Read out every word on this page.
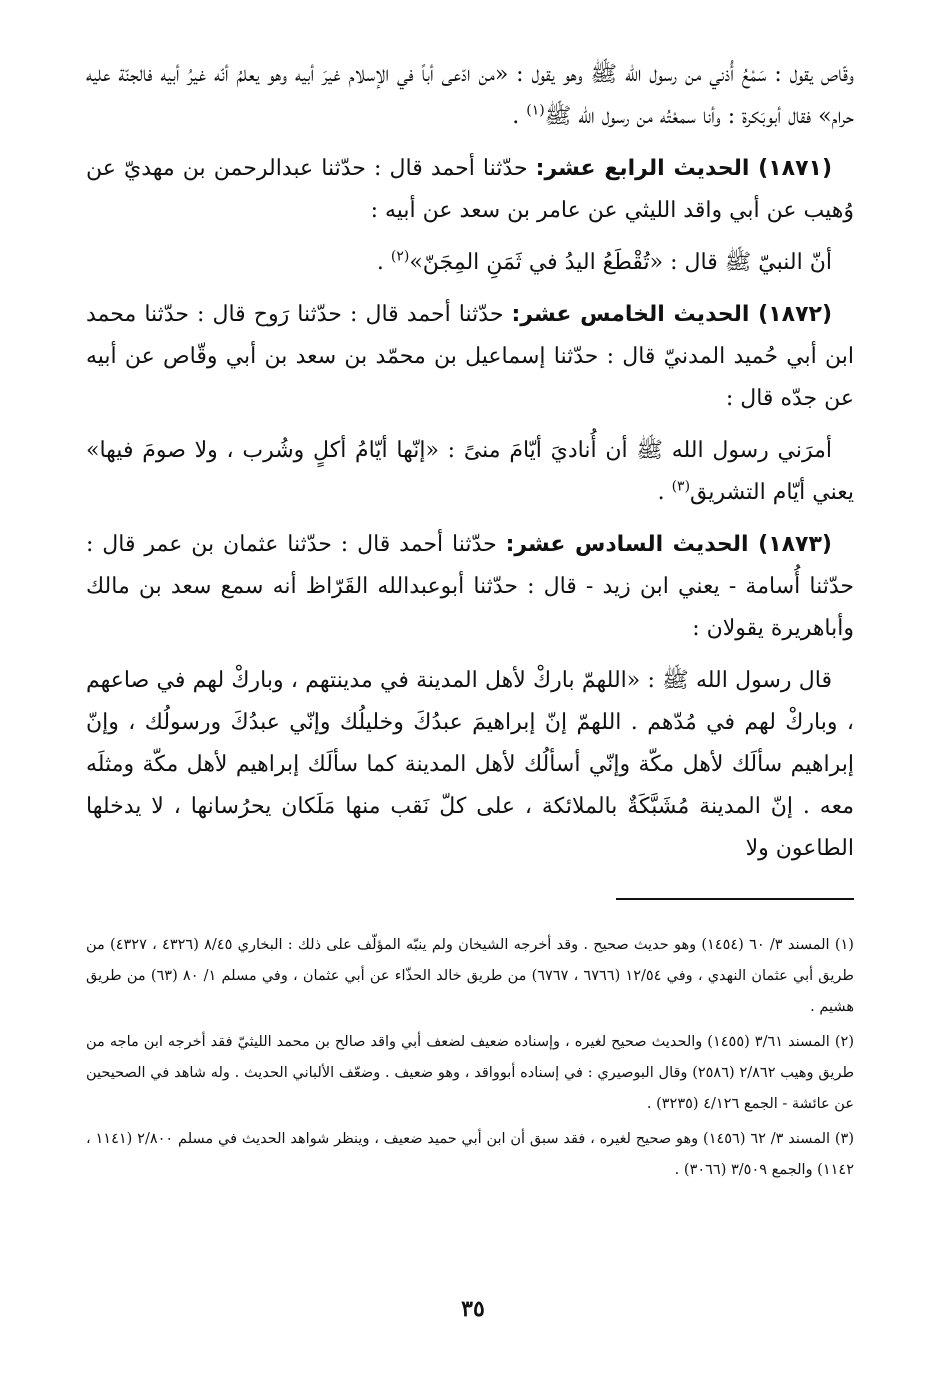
وقّاص يقول : سَمْعُ أُذني من رسول الله ﷺ وهو يقول : «من ادّعى أباً في الإسلام غيرَ أبيه وهو يعلمُ أنّه غيرُ أبيه فالجنّة عليه حرام» فقال أبوبَكرة : وأنا سمعْتُه من رسول الله ﷺ$^{(١)}$ .

(١٨٧١) الحديث الرابع عشر: حدّثنا أحمد قال : حدّثنا عبدالرحمن بن مهديّ عن وُهيب عن أبي واقد الليثي عن عامر بن سعد عن أبيه :

أنّ النبيّ ﷺ قال : «تُقْطَعُ اليدُ في ثَمَنِ المِجَنّ»$^{(٢)}$ .

(١٨٧٢) الحديث الخامس عشر: حدّثنا أحمد قال : حدّثنا رَوح قال : حدّثنا محمد ابن أبي حُميد المدنيّ قال : حدّثنا إسماعيل بن محمّد بن سعد بن أبي وقّاص عن أبيه عن جدّه قال :

أمرَني رسول الله ﷺ أن أُناديَ أيّامَ منىً : «إنّها أيّامُ أكلٍ وشُرب ، ولا صومَ فيها» يعني أيّام التشريق$^{(٣)}$ .

(١٨٧٣) الحديث السادس عشر: حدّثنا أحمد قال : حدّثنا عثمان بن عمر قال : حدّثنا أُسامة - يعني ابن زيد - قال : حدّثنا أبوعبدالله القَرّاظ أنه سمع سعد بن مالك وأباهريرة يقولان :

قال رسول الله ﷺ : «اللهمّ باركْ لأهل المدينة في مدينتهم ، وباركْ لهم في صاعهم ، وباركْ لهم في مُدّهم . اللهمّ إنّ إبراهيمَ عبدُكَ وخليلُك وإنّي عبدُكَ ورسولُك ، وإنّ إبراهيم سألَك لأهل مكّة وإنّي أسألُك لأهل المدينة كما سألَك إبراهيم لأهل مكّة ومثلَه معه . إنّ المدينة مُشَبَّكَةٌ بالملائكة ، على كلّ نَقب منها مَلَكان يحرُسانها ، لا يدخلها الطاعون ولا

(١) المسند ٣/ ٦٠ (١٤٥٤) وهو حديث صحيح . وقد أخرجه الشيخان ولم ينبّه المؤلّف على ذلك : البخاري ٨/٤٥ (٤٣٢٦ ، ٤٣٢٧) من طريق أبي عثمان النهدي ، وفي ١٢/٥٤ (٦٧٦٦ ، ٦٧٦٧) من طريق خالد الحذّاء عن أبي عثمان ، وفي مسلم ١/ ٨٠ (٦٣) من طريق هشيم .

(٢) المسند ٣/٦١ (١٤٥٥) والحديث صحيح لغيره ، وإسناده ضعيف لضعف أبي واقد صالح بن محمد الليثيّ فقد أخرجه ابن ماجه من طريق وهيب ٢/٨٦٢ (٢٥٨٦) وقال البوصيري : في إسناده أبوواقد ، وهو ضعيف . وضعّف الألباني الحديث . وله شاهد في الصحيحين عن عائشة - الجمع ٤/١٢٦ (٣٢٣٥) .

(٣) المسند ٣/ ٦٢ (١٤٥٦) وهو صحيح لغيره ، فقد سبق أن ابن أبي حميد ضعيف ، وينظر شواهد الحديث في مسلم ٢/٨٠٠ (١١٤١ ، ١١٤٢) والجمع ٣/٥٠٩ (٣٠٦٦) .

٣٥
